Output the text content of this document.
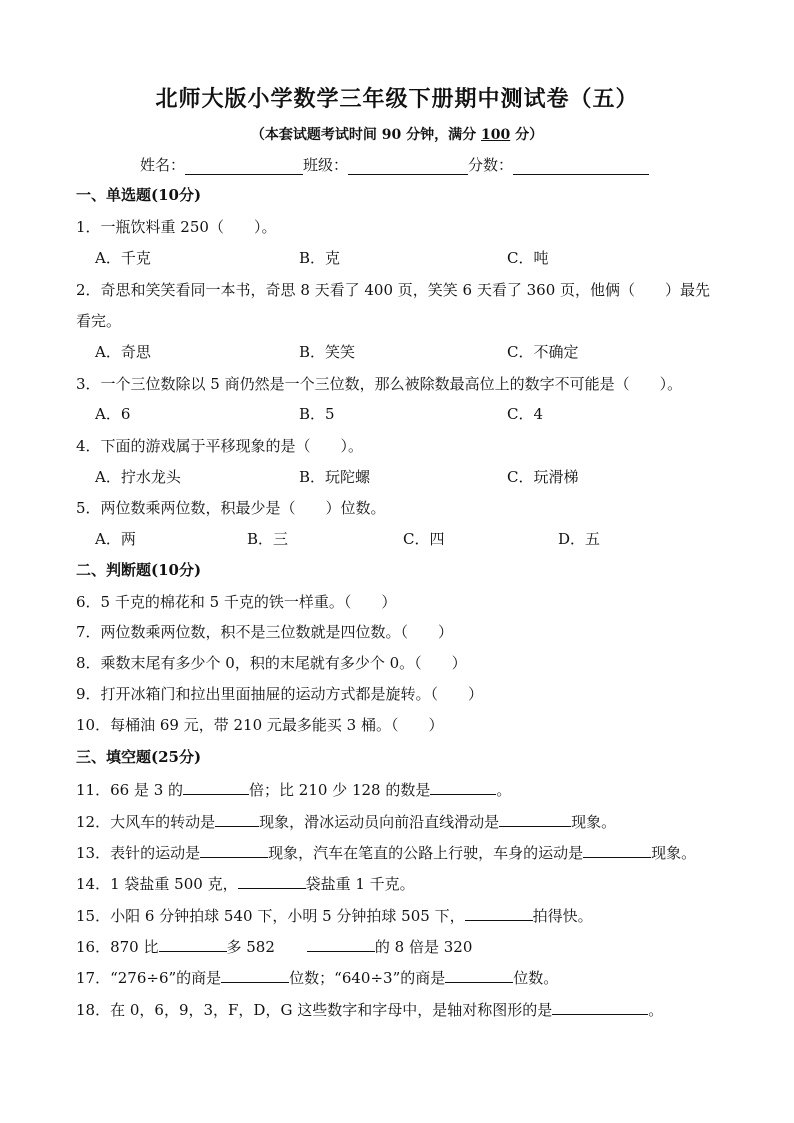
北师大版小学数学三年级下册期中测试卷（五）
（本套试题考试时间 90 分钟，满分 100 分）
姓名：	班级：	分数：
一、单选题(10分)
1．一瓶饮料重 250（　　）。
A．千克	B．克	C．吨
2．奇思和笑笑看同一本书，奇思 8 天看了 400 页，笑笑 6 天看了 360 页，他俩（　　）最先
看完。
A．奇思	B．笑笑	C．不确定
3．一个三位数除以 5 商仍然是一个三位数，那么被除数最高位上的数字不可能是（　　）。
A．6	B．5	C．4
4．下面的游戏属于平移现象的是（　　）。
A．拧水龙头	B．玩陀螺	C．玩滑梯
5．两位数乘两位数，积最少是（　　）位数。
A．两	B．三	C．四	D．五
二、判断题(10分)
6．5 千克的棉花和 5 千克的铁一样重。（　　）
7．两位数乘两位数，积不是三位数就是四位数。（　　）
8．乘数末尾有多少个 0，积的末尾就有多少个 0。（　　）
9．打开冰箱门和拉出里面抽屉的运动方式都是旋转。（　　）
10．每桶油 69 元，带 210 元最多能买 3 桶。（　　）
三、填空题(25分)
11．66 是 3 的	倍；比 210 少 128 的数是	。
12．大风车的转动是	现象，滑冰运动员向前沿直线滑动是	现象。
13．表针的运动是	现象，汽车在笔直的公路上行驶，车身的运动是	现象。
14．1 袋盐重 500 克，	袋盐重 1 千克。
15．小阳 6 分钟拍球 540 下，小明 5 分钟拍球 505 下，	拍得快。
16．870 比	多 582	的 8 倍是 320
17．“276÷6”的商是	位数；“640÷3”的商是	位数。
18．在 0，6，9，3，F，D，G 这些数字和字母中，是轴对称图形的是	。
